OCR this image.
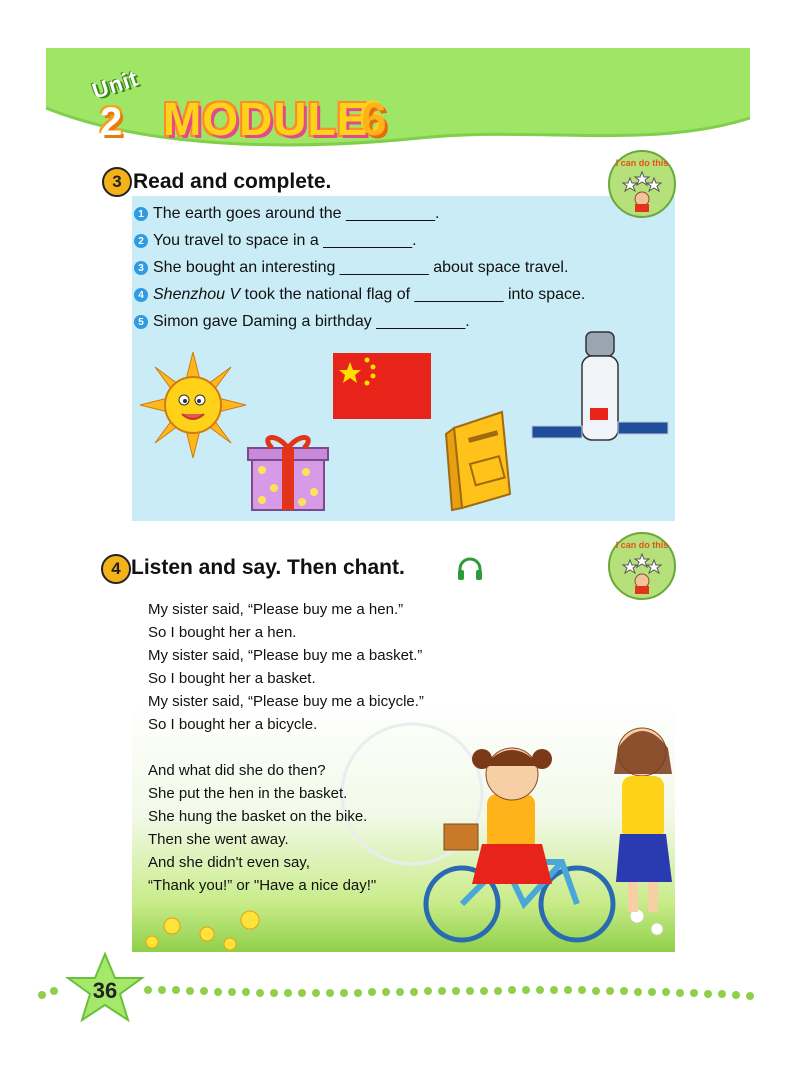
Unit
2 MODULE
6
3 Read and complete.
I can do this
1 The earth goes around the __________.
2 You travel to space in a __________.
3 She bought an interesting __________ about space travel.
4 Shenzhou V took the national flag of __________ into space.
5 Simon gave Daming a birthday __________.
4 Listen and say. Then chant.
I can do this
My sister said, “Please buy me a hen.”
So I bought her a hen.
My sister said, “Please buy me a basket.”
So I bought her a basket.
My sister said, “Please buy me a bicycle.”
So I bought her a bicycle.
And what did she do then?
She put the hen in the basket.
She hung the basket on the bike.
Then she went away.
And she didn't even say,
“Thank you!” or "Have a nice day!"
36
